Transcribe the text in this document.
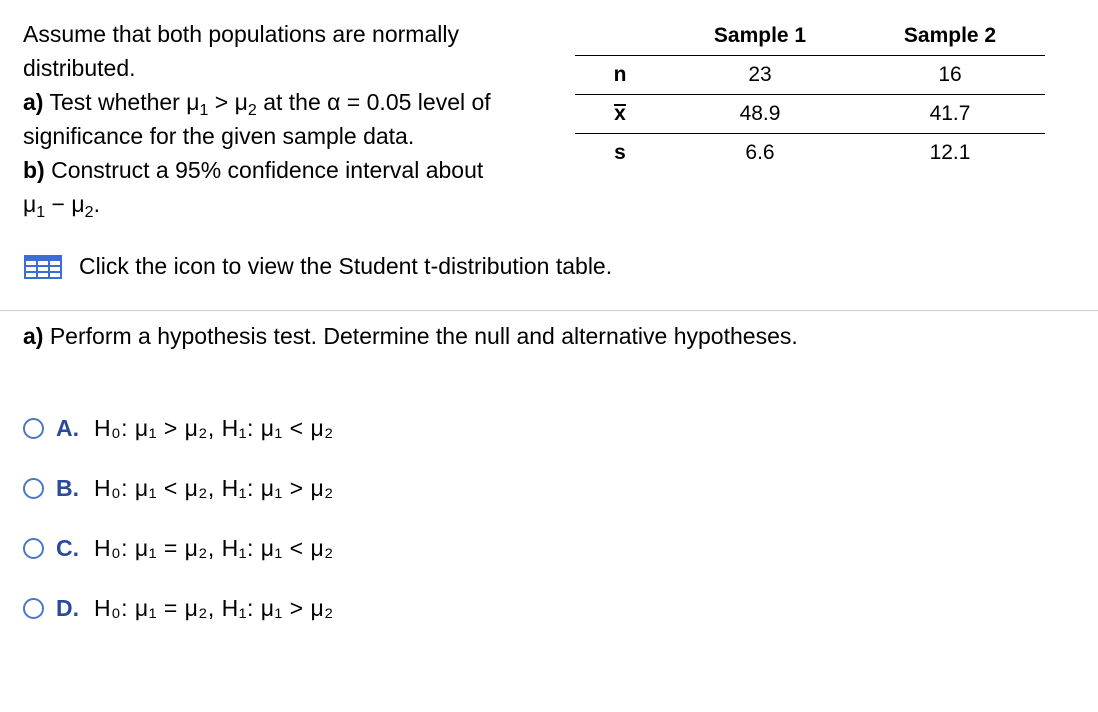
Assume that both populations are normally
distributed.
a) Test whether $\mu_1 > \mu_2$ at the α = 0.05 level of
significance for the given sample data.
b) Construct a 95% confidence interval about
$\mu_1 - \mu_2$.
	Sample 1	Sample 2
n	23	16
x	48.9	41.7
s	6.6	12.1
Click the icon to view the Student t-distribution table.
a) Perform a hypothesis test. Determine the null and alternative hypotheses.
A. H₀: μ₁ > μ₂, H₁: μ₁ < μ₂
B. H₀: μ₁ < μ₂, H₁: μ₁ > μ₂
C. H₀: μ₁ = μ₂, H₁: μ₁ < μ₂
D. H₀: μ₁ = μ₂, H₁: μ₁ > μ₂
